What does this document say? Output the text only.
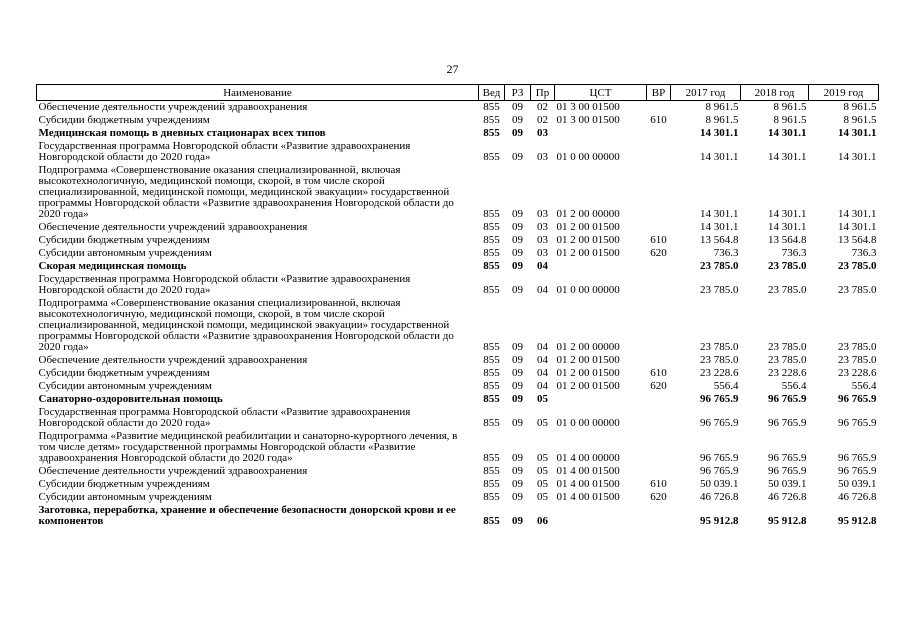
27
Наименование	Вед	РЗ	Пр	ЦСТ	ВР	2017 год	2018 год	2019 год
Обеспечение деятельности учреждений здравоохранения	855	09	02	01 3 00 01500		8 961.5	8 961.5	8 961.5
Субсидии бюджетным учреждениям	855	09	02	01 3 00 01500	610	8 961.5	8 961.5	8 961.5
Медицинская помощь в дневных стационарах всех типов	855	09	03			14 301.1	14 301.1	14 301.1
Государственная программа Новгородской области «Развитие здравоохранения Новгородской области до 2020 года»	855	09	03	01 0 00 00000		14 301.1	14 301.1	14 301.1
Подпрограмма «Совершенствование оказания специализированной, включая высокотехнологичную, медицинской помощи, скорой, в том числе скорой специализированной, медицинской помощи, медицинской эвакуации» государственной программы Новгородской области «Развитие здравоохранения Новгородской области до 2020 года»	855	09	03	01 2 00 00000		14 301.1	14 301.1	14 301.1
Обеспечение деятельности учреждений здравоохранения	855	09	03	01 2 00 01500		14 301.1	14 301.1	14 301.1
Субсидии бюджетным учреждениям	855	09	03	01 2 00 01500	610	13 564.8	13 564.8	13 564.8
Субсидии автономным учреждениям	855	09	03	01 2 00 01500	620	736.3	736.3	736.3
Скорая медицинская помощь	855	09	04			23 785.0	23 785.0	23 785.0
Государственная программа Новгородской области «Развитие здравоохранения Новгородской области до 2020 года»	855	09	04	01 0 00 00000		23 785.0	23 785.0	23 785.0
Подпрограмма «Совершенствование оказания специализированной, включая высокотехнологичную, медицинской помощи, скорой, в том числе скорой специализированной, медицинской помощи, медицинской эвакуации» государственной программы Новгородской области «Развитие здравоохранения Новгородской области до 2020 года»	855	09	04	01 2 00 00000		23 785.0	23 785.0	23 785.0
Обеспечение деятельности учреждений здравоохранения	855	09	04	01 2 00 01500		23 785.0	23 785.0	23 785.0
Субсидии бюджетным учреждениям	855	09	04	01 2 00 01500	610	23 228.6	23 228.6	23 228.6
Субсидии автономным учреждениям	855	09	04	01 2 00 01500	620	556.4	556.4	556.4
Санаторно-оздоровительная помощь	855	09	05			96 765.9	96 765.9	96 765.9
Государственная программа Новгородской области «Развитие здравоохранения Новгородской области до 2020 года»	855	09	05	01 0 00 00000		96 765.9	96 765.9	96 765.9
Подпрограмма «Развитие медицинской реабилитации и санаторно-курортного лечения, в том числе детям» государственной программы Новгородской области «Развитие здравоохранения Новгородской области до 2020 года»	855	09	05	01 4 00 00000		96 765.9	96 765.9	96 765.9
Обеспечение деятельности учреждений здравоохранения	855	09	05	01 4 00 01500		96 765.9	96 765.9	96 765.9
Субсидии бюджетным учреждениям	855	09	05	01 4 00 01500	610	50 039.1	50 039.1	50 039.1
Субсидии автономным учреждениям	855	09	05	01 4 00 01500	620	46 726.8	46 726.8	46 726.8
Заготовка, переработка, хранение и обеспечение безопасности донорской крови и ее компонентов	855	09	06			95 912.8	95 912.8	95 912.8
